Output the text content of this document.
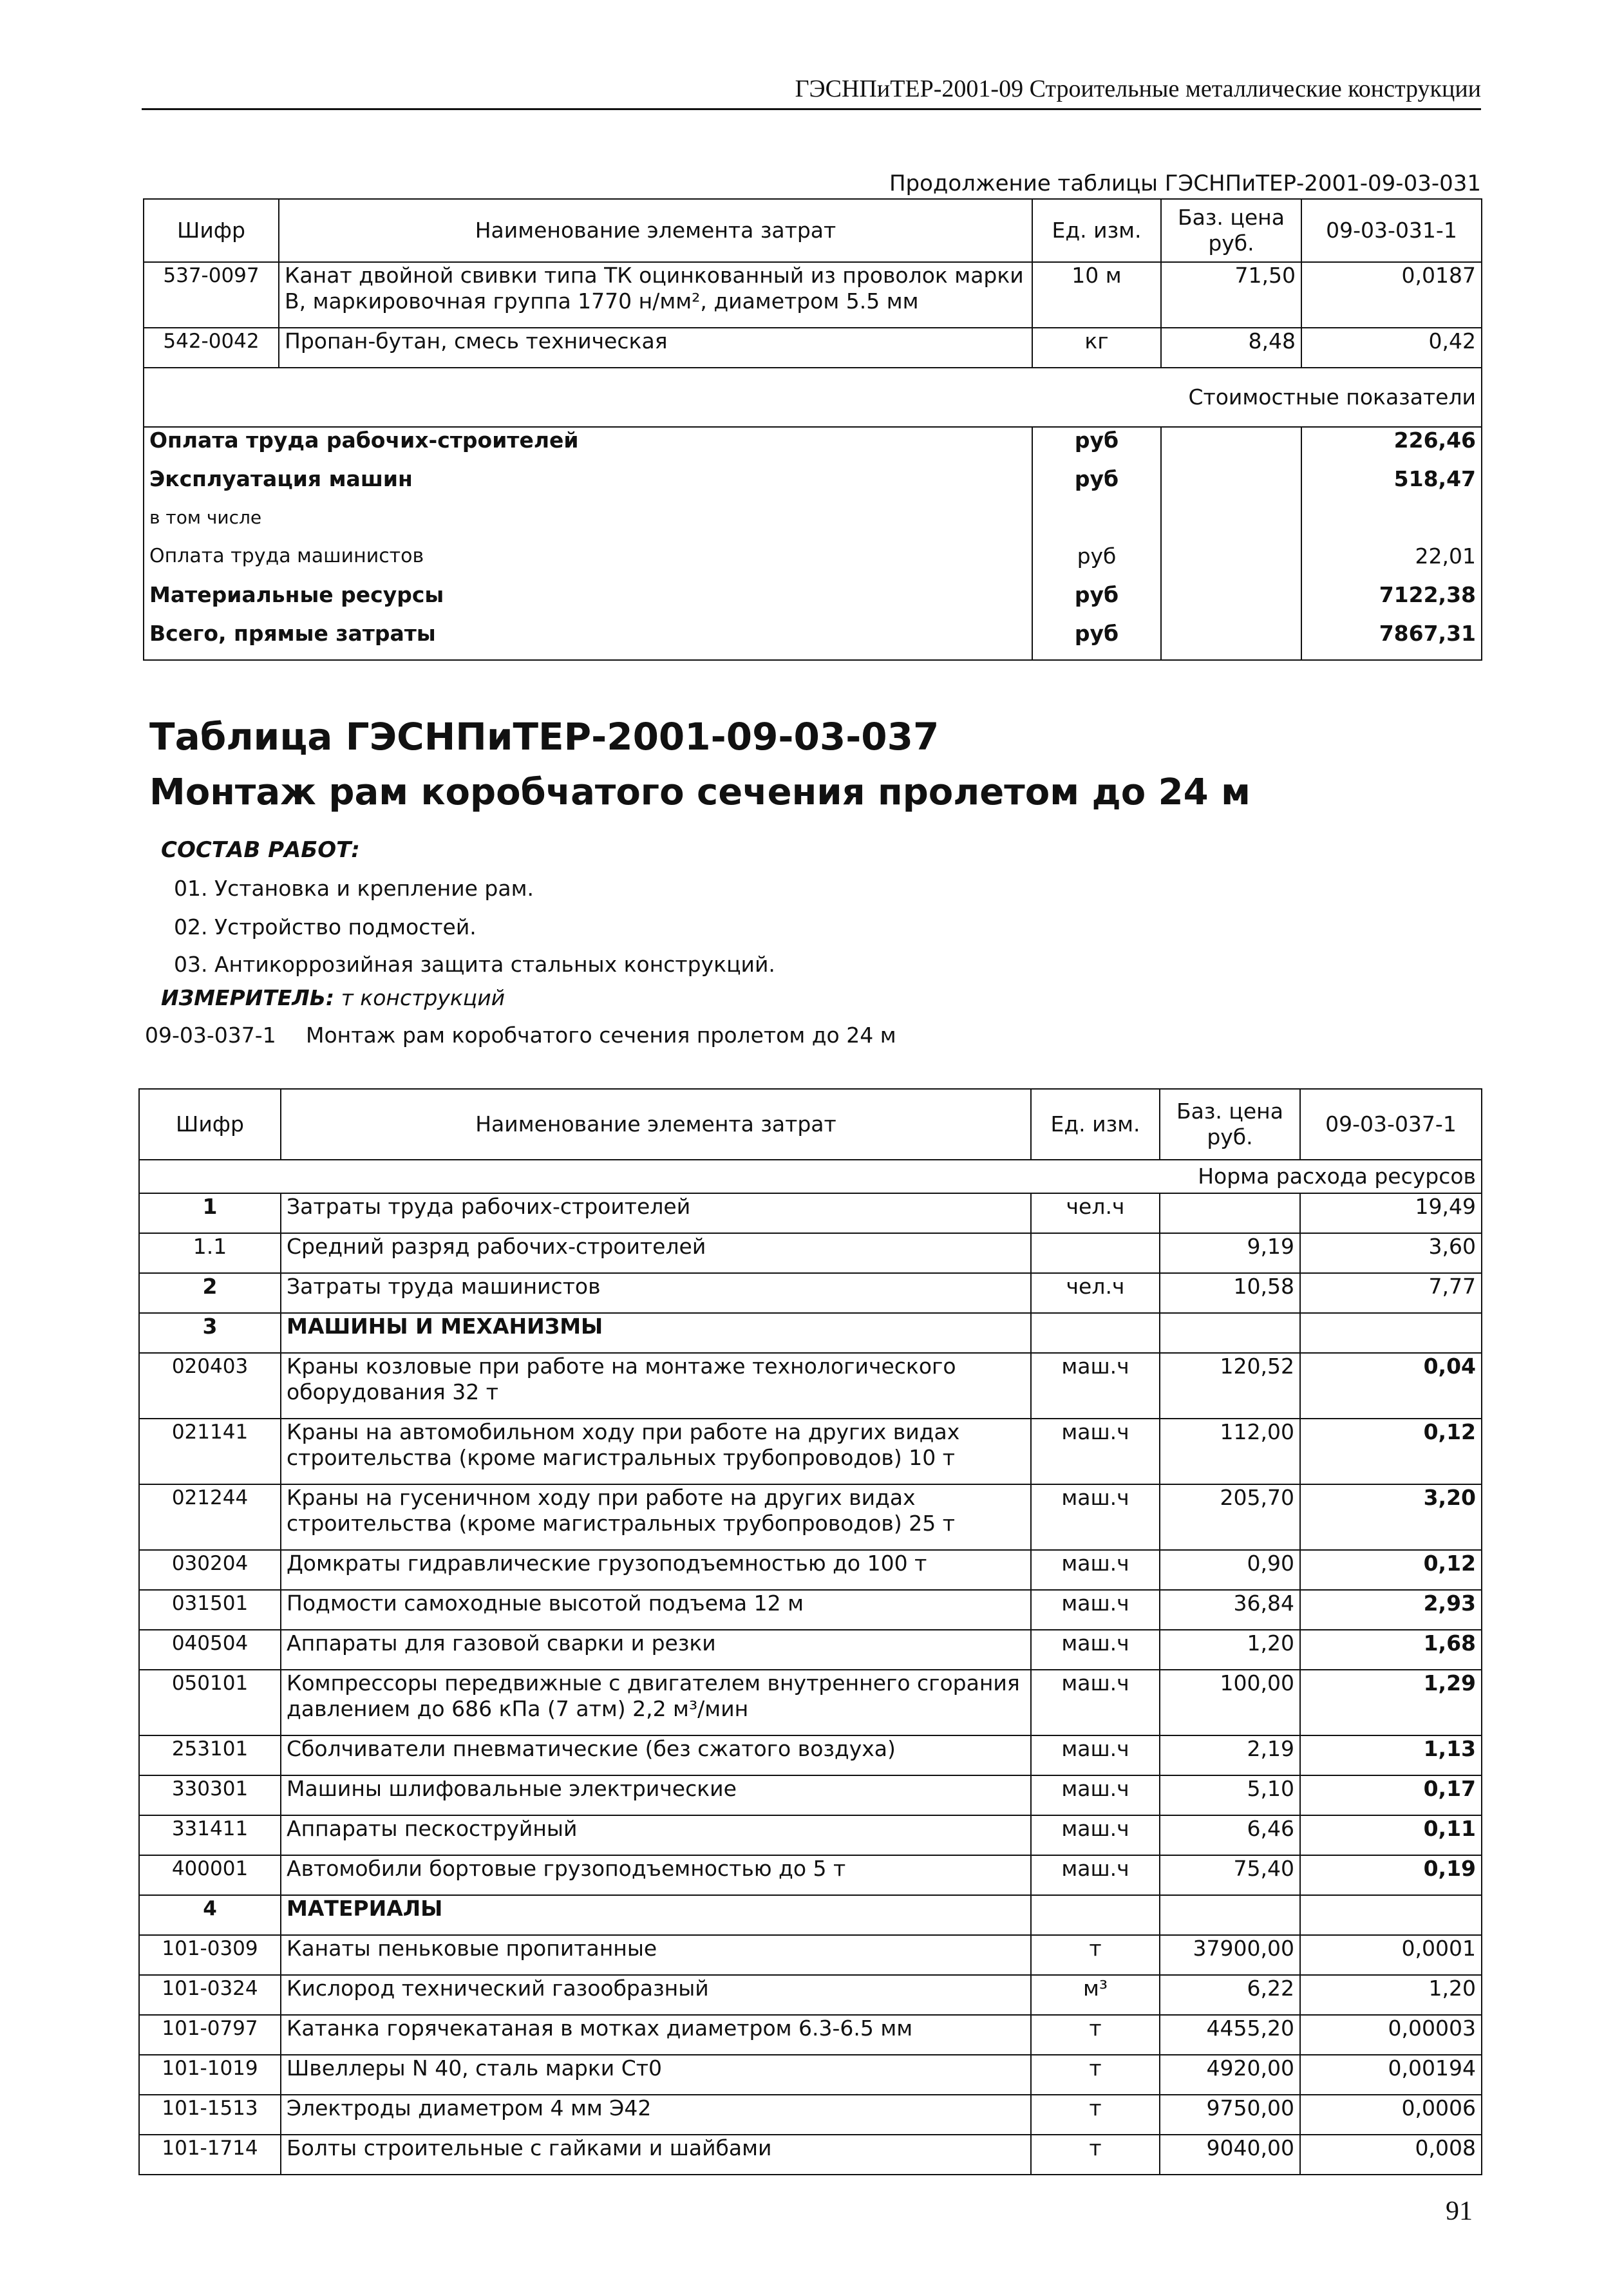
ГЭСНПиТЕР-2001-09 Строительные металлические конструкции
Продолжение таблицы ГЭСНПиТЕР-2001-09-03-031
Шифр	Наименование элемента затрат	Ед. изм.	Баз. цена руб.	09-03-031-1
537-0097	Канат двойной свивки типа ТК оцинкованный из проволок марки В, маркировочная группа 1770 н/мм², диаметром 5.5 мм	10 м	71,50	0,0187
542-0042	Пропан-бутан, смесь техническая	кг	8,48	0,42
Стоимостные показатели				
Оплата труда рабочих-строителей		руб		226,46
Эксплуатация машин		руб		518,47
в том числе				
Оплата труда машинистов		руб		22,01
Материальные ресурсы		руб		7122,38
Всего, прямые затраты		руб		7867,31
Таблица ГЭСНПиТЕР-2001-09-03-037
Монтаж рам коробчатого сечения пролетом до 24 м
СОСТАВ РАБОТ:
01. Установка и крепление рам.
02. Устройство подмостей.
03. Антикоррозийная защита стальных конструкций.
ИЗМЕРИТЕЛЬ: т конструкций
09-03-037-1 Монтаж рам коробчатого сечения пролетом до 24 м
Шифр	Наименование элемента затрат	Ед. изм.	Баз. цена руб.	09-03-037-1
Норма расхода ресурсов				
1	Затраты труда рабочих-строителей	чел.ч		19,49
1.1	Средний разряд рабочих-строителей		9,19	3,60
2	Затраты труда машинистов	чел.ч	10,58	7,77
3	МАШИНЫ И МЕХАНИЗМЫ			
020403	Краны козловые при работе на монтаже технологического оборудования 32 т	маш.ч	120,52	0,04
021141	Краны на автомобильном ходу при работе на других видах строительства (кроме магистральных трубопроводов) 10 т	маш.ч	112,00	0,12
021244	Краны на гусеничном ходу при работе на других видах строительства (кроме магистральных трубопроводов) 25 т	маш.ч	205,70	3,20
030204	Домкраты гидравлические грузоподъемностью до 100 т	маш.ч	0,90	0,12
031501	Подмости самоходные высотой подъема 12 м	маш.ч	36,84	2,93
040504	Аппараты для газовой сварки и резки	маш.ч	1,20	1,68
050101	Компрессоры передвижные с двигателем внутреннего сгорания давлением до 686 кПа (7 атм) 2,2 м³/мин	маш.ч	100,00	1,29
253101	Сболчиватели пневматические (без сжатого воздуха)	маш.ч	2,19	1,13
330301	Машины шлифовальные электрические	маш.ч	5,10	0,17
331411	Аппараты пескоструйный	маш.ч	6,46	0,11
400001	Автомобили бортовые грузоподъемностью до 5 т	маш.ч	75,40	0,19
4	МАТЕРИАЛЫ			
101-0309	Канаты пеньковые пропитанные	т	37900,00	0,0001
101-0324	Кислород технический газообразный	м³	6,22	1,20
101-0797	Катанка горячекатаная в мотках диаметром 6.3-6.5 мм	т	4455,20	0,00003
101-1019	Швеллеры N 40, сталь марки Ст0	т	4920,00	0,00194
101-1513	Электроды диаметром 4 мм Э42	т	9750,00	0,0006
101-1714	Болты строительные с гайками и шайбами	т	9040,00	0,008
91
